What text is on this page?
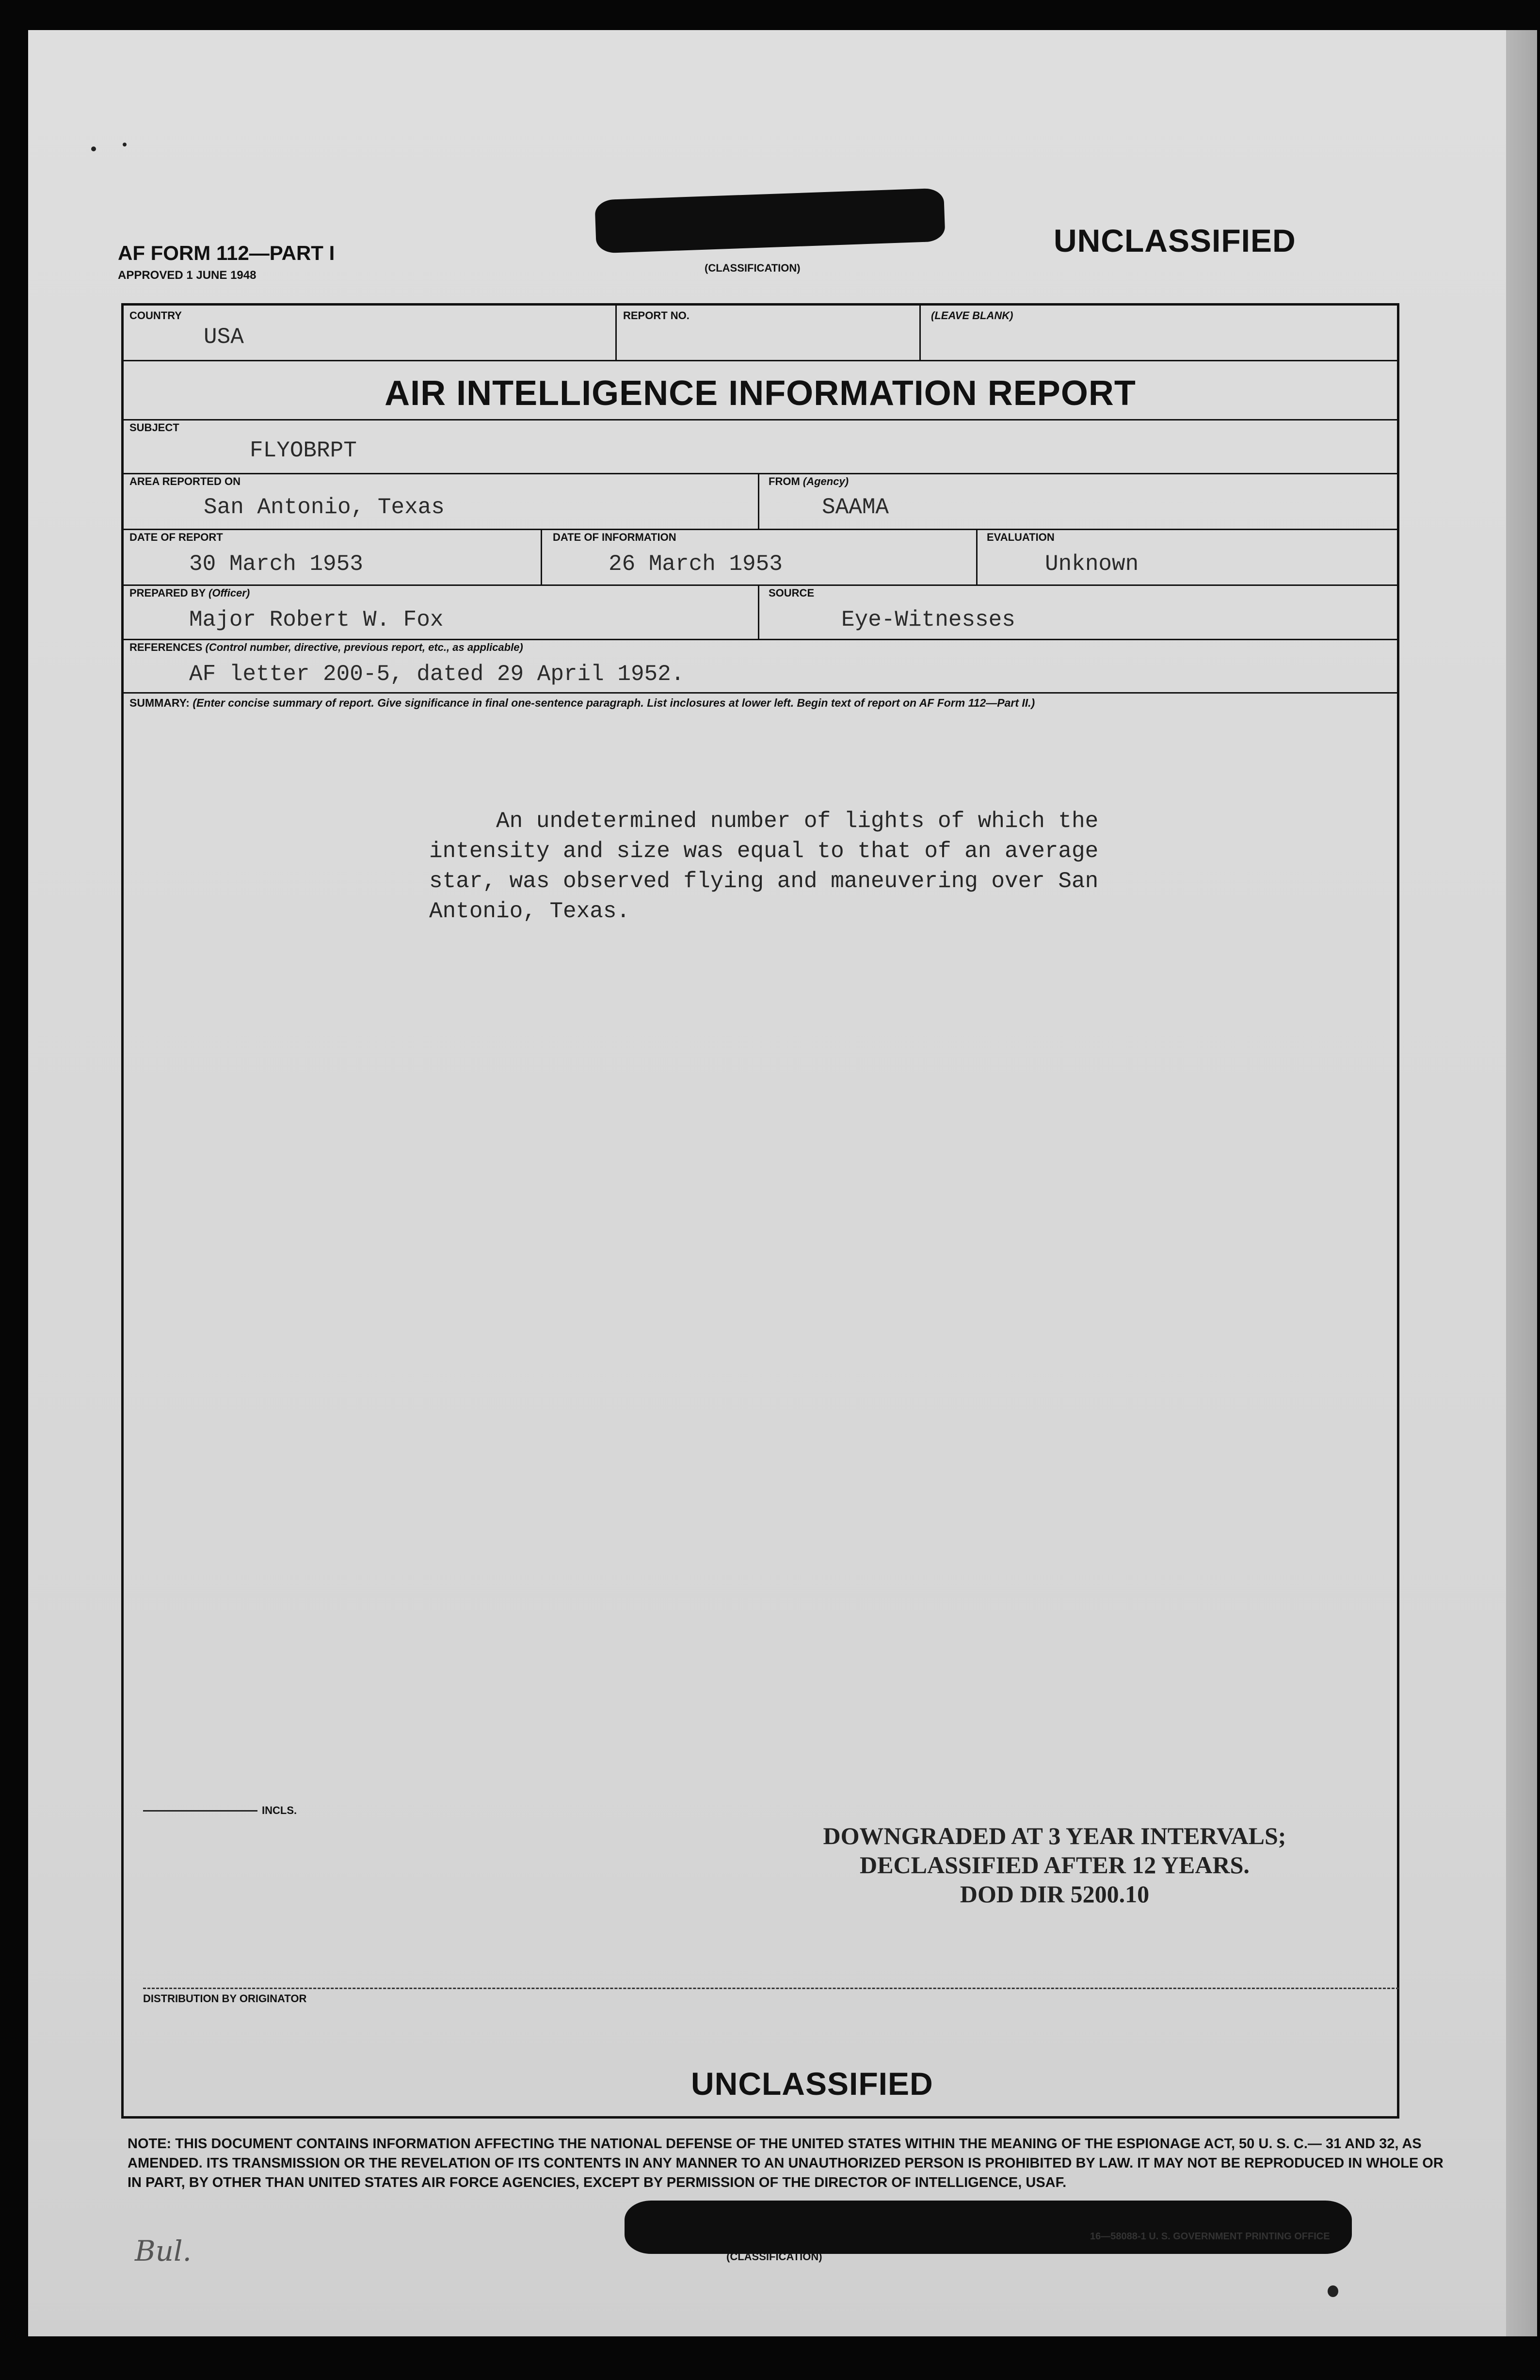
AF FORM 112—PART I
APPROVED 1 JUNE 1948
(CLASSIFICATION)
UNCLASSIFIED
COUNTRY
USA
REPORT NO.	(LEAVE BLANK)
AIR INTELLIGENCE INFORMATION REPORT
SUBJECT
FLYOBRPT
AREA REPORTED ON
San Antonio, Texas
FROM (Agency)
SAAMA
DATE OF REPORT
30 March 1953
DATE OF INFORMATION
26 March 1953
EVALUATION
Unknown
PREPARED BY (Officer)
Major Robert W. Fox
SOURCE
Eye-Witnesses
REFERENCES (Control number, directive, previous report, etc., as applicable)
AF letter 200-5, dated 29 April 1952.
SUMMARY: (Enter concise summary of report. Give significance in final one-sentence paragraph. List inclosures at lower left. Begin text of report on AF Form 112—Part II.)
An undetermined number of lights of which the
intensity and size was equal to that of an average
star, was observed flying and maneuvering over San
Antonio, Texas.
INCLS.
DOWNGRADED AT 3 YEAR INTERVALS;
DECLASSIFIED AFTER 12 YEARS.
DOD DIR 5200.10
DISTRIBUTION BY ORIGINATOR
UNCLASSIFIED
NOTE: THIS DOCUMENT CONTAINS INFORMATION AFFECTING THE NATIONAL DEFENSE OF THE UNITED STATES WITHIN THE MEANING OF THE ESPIONAGE ACT, 50 U. S. C.— 31 AND 32, AS AMENDED. ITS TRANSMISSION OR THE REVELATION OF ITS CONTENTS IN ANY MANNER TO AN UNAUTHORIZED PERSON IS PROHIBITED BY LAW. IT MAY NOT BE REPRODUCED IN WHOLE OR IN PART, BY OTHER THAN UNITED STATES AIR FORCE AGENCIES, EXCEPT BY PERMISSION OF THE DIRECTOR OF INTELLIGENCE, USAF.
(CLASSIFICATION)
16—58088-1 U. S. GOVERNMENT PRINTING OFFICE
Bul.
